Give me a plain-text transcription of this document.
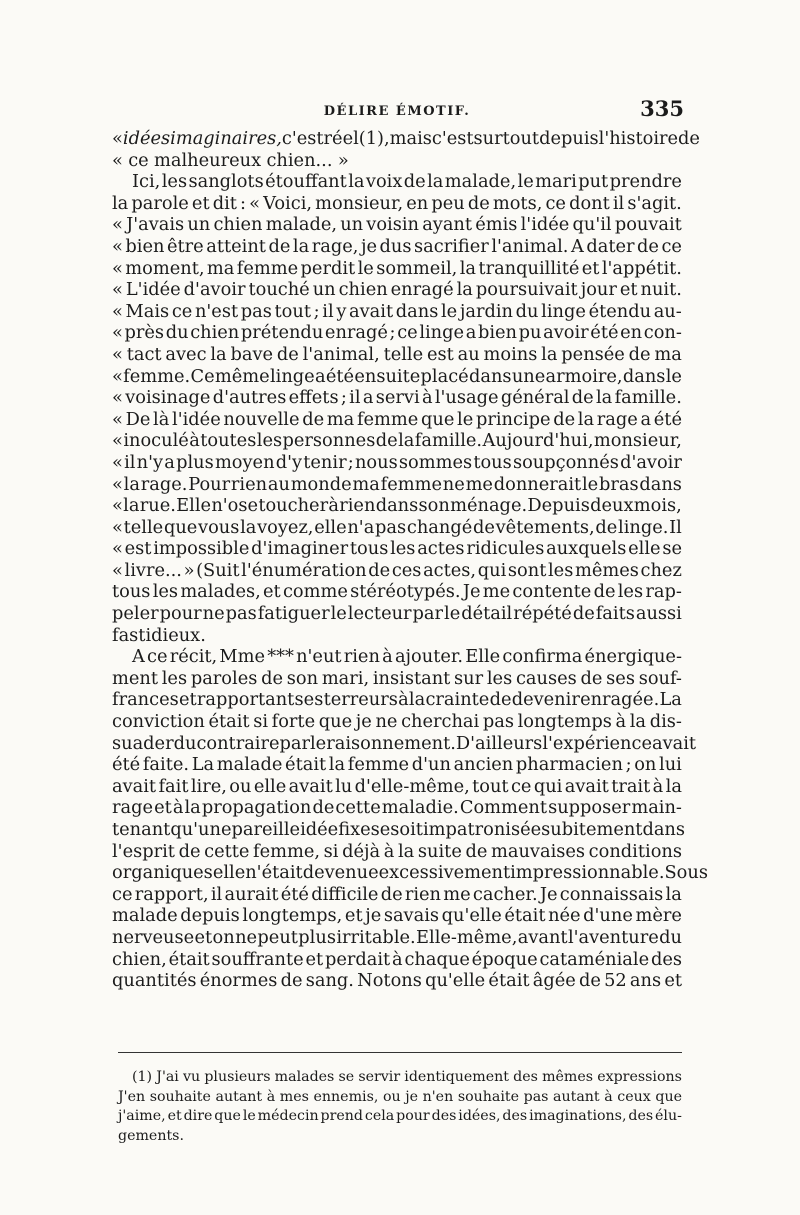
DÉLIRE ÉMOTIF.	335
« idées imaginaires, c'est réel (1), mais c'est surtout depuis l'histoire de
« ce malheureux chien... »
Ici, les sanglots étouffant la voix de la malade, le mari put prendre
la parole et dit : « Voici, monsieur, en peu de mots, ce dont il s'agit.
« J'avais un chien malade, un voisin ayant émis l'idée qu'il pouvait
« bien être atteint de la rage, je dus sacrifier l'animal. A dater de ce
« moment, ma femme perdit le sommeil, la tranquillité et l'appétit.
« L'idée d'avoir touché un chien enragé la poursuivait jour et nuit.
« Mais ce n'est pas tout ; il y avait dans le jardin du linge étendu au-
« près du chien prétendu enragé ; ce linge a bien pu avoir été en con-
« tact avec la bave de l'animal, telle est au moins la pensée de ma
« femme. Ce même linge a été ensuite placé dans une armoire, dans le
« voisinage d'autres effets ; il a servi à l'usage général de la famille.
« De là l'idée nouvelle de ma femme que le principe de la rage a été
« inoculé à toutes les personnes de la famille. Aujourd'hui, monsieur,
« il n'y a plus moyen d'y tenir ; nous sommes tous soupçonnés d'avoir
« la rage. Pour rien au monde ma femme ne me donnerait le bras dans
« la rue. Elle n'ose toucher à rien dans son ménage. Depuis deux mois,
« telle que vous la voyez, elle n'a pas changé de vêtements, de linge. Il
« est impossible d'imaginer tous les actes ridicules auxquels elle se
« livre... » (Suit l'énumération de ces actes, qui sont les mêmes chez
tous les malades, et comme stéréotypés. Je me contente de les rap-
peler pour ne pas fatiguer le lecteur par le détail répété de faits aussi
fastidieux.
A ce récit, Mme *** n'eut rien à ajouter. Elle confirma énergique-
ment les paroles de son mari, insistant sur les causes de ses souf-
frances et rapportant ses terreurs à la crainte de devenir enragée. La
conviction était si forte que je ne cherchai pas longtemps à la dis-
suader du contraire par le raisonnement. D'ailleurs l'expérience avait
été faite. La malade était la femme d'un ancien pharmacien ; on lui
avait fait lire, ou elle avait lu d'elle-même, tout ce qui avait trait à la
rage et à la propagation de cette maladie. Comment supposer main-
tenant qu'une pareille idée fixe se soit impatronisée subitement dans
l'esprit de cette femme, si déjà à la suite de mauvaises conditions
organiques elle n'était devenue excessivement impressionnable. Sous
ce rapport, il aurait été difficile de rien me cacher. Je connaissais la
malade depuis longtemps, et je savais qu'elle était née d'une mère
nerveuse et on ne peut plus irritable. Elle-même, avant l'aventure du
chien, était souffrante et perdait à chaque époque cataméniale des
quantités énormes de sang. Notons qu'elle était âgée de 52 ans et
(1) J'ai vu plusieurs malades se servir identiquement des mêmes expressions
J'en souhaite autant à mes ennemis, ou je n'en souhaite pas autant à ceux que
j'aime, et dire que le médecin prend cela pour des idées, des imaginations, des élu-
gements.
